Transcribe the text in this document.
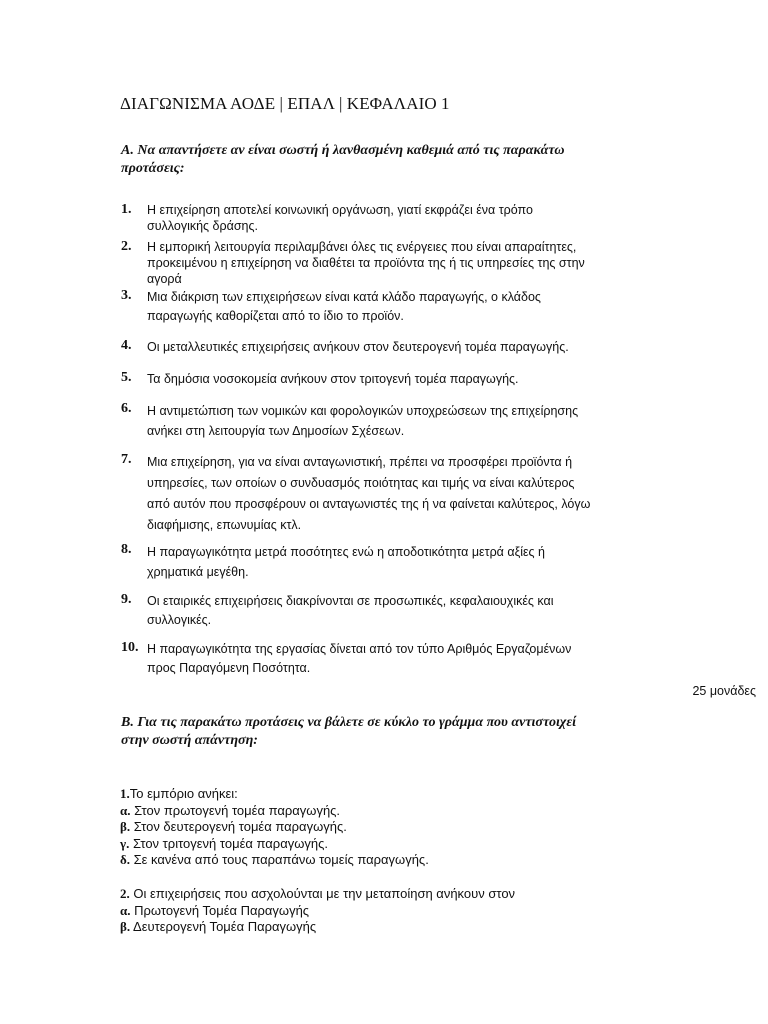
ΔΙΑΓΩΝΙΣΜΑ ΑΟΔΕ | ΕΠΑΛ | ΚΕΦΑΛΑΙΟ 1
Α. Να απαντήσετε αν είναι σωστή ή λανθασμένη καθεμιά από τις παρακάτω
προτάσεις:
1. Η επιχείρηση αποτελεί κοινωνική οργάνωση, γιατί εκφράζει ένα τρόπο
συλλογικής δράσης.
2. Η εμπορική λειτουργία περιλαμβάνει όλες τις ενέργειες που είναι απαραίτητες,
προκειμένου η επιχείρηση να διαθέτει τα προϊόντα της ή τις υπηρεσίες της στην
αγορά
3. Μια διάκριση των επιχειρήσεων είναι κατά κλάδο παραγωγής, ο κλάδος
παραγωγής καθορίζεται από το ίδιο το προϊόν.
4. Οι μεταλλευτικές επιχειρήσεις ανήκουν στον δευτερογενή τομέα παραγωγής.
5. Τα δημόσια νοσοκομεία ανήκουν στον τριτογενή τομέα παραγωγής.
6. Η αντιμετώπιση των νομικών και φορολογικών υποχρεώσεων της επιχείρησης
ανήκει στη λειτουργία των Δημοσίων Σχέσεων.
7. Μια επιχείρηση, για να είναι ανταγωνιστική, πρέπει να προσφέρει προϊόντα ή
υπηρεσίες, των οποίων ο συνδυασμός ποιότητας και τιμής να είναι καλύτερος
από αυτόν που προσφέρουν οι ανταγωνιστές της ή να φαίνεται καλύτερος, λόγω
διαφήμισης, επωνυμίας κτλ.
8. Η παραγωγικότητα μετρά ποσότητες ενώ η αποδοτικότητα μετρά αξίες ή
χρηματικά μεγέθη.
9. Οι εταιρικές επιχειρήσεις διακρίνονται σε προσωπικές, κεφαλαιουχικές και
συλλογικές.
10. Η παραγωγικότητα της εργασίας δίνεται από τον τύπο Αριθμός Εργαζομένων
προς Παραγόμενη Ποσότητα.
25 μονάδες
Β. Για τις παρακάτω προτάσεις να βάλετε σε κύκλο το γράμμα που αντιστοιχεί
στην σωστή απάντηση:
1.Το εμπόριο ανήκει:
α. Στον πρωτογενή τομέα παραγωγής.
β. Στον δευτερογενή τομέα παραγωγής.
γ. Στον τριτογενή τομέα παραγωγής.
δ. Σε κανένα από τους παραπάνω τομείς παραγωγής.
2. Οι επιχειρήσεις που ασχολούνται με την μεταποίηση ανήκουν στον
α. Πρωτογενή Τομέα Παραγωγής
β. Δευτερογενή Τομέα Παραγωγής
